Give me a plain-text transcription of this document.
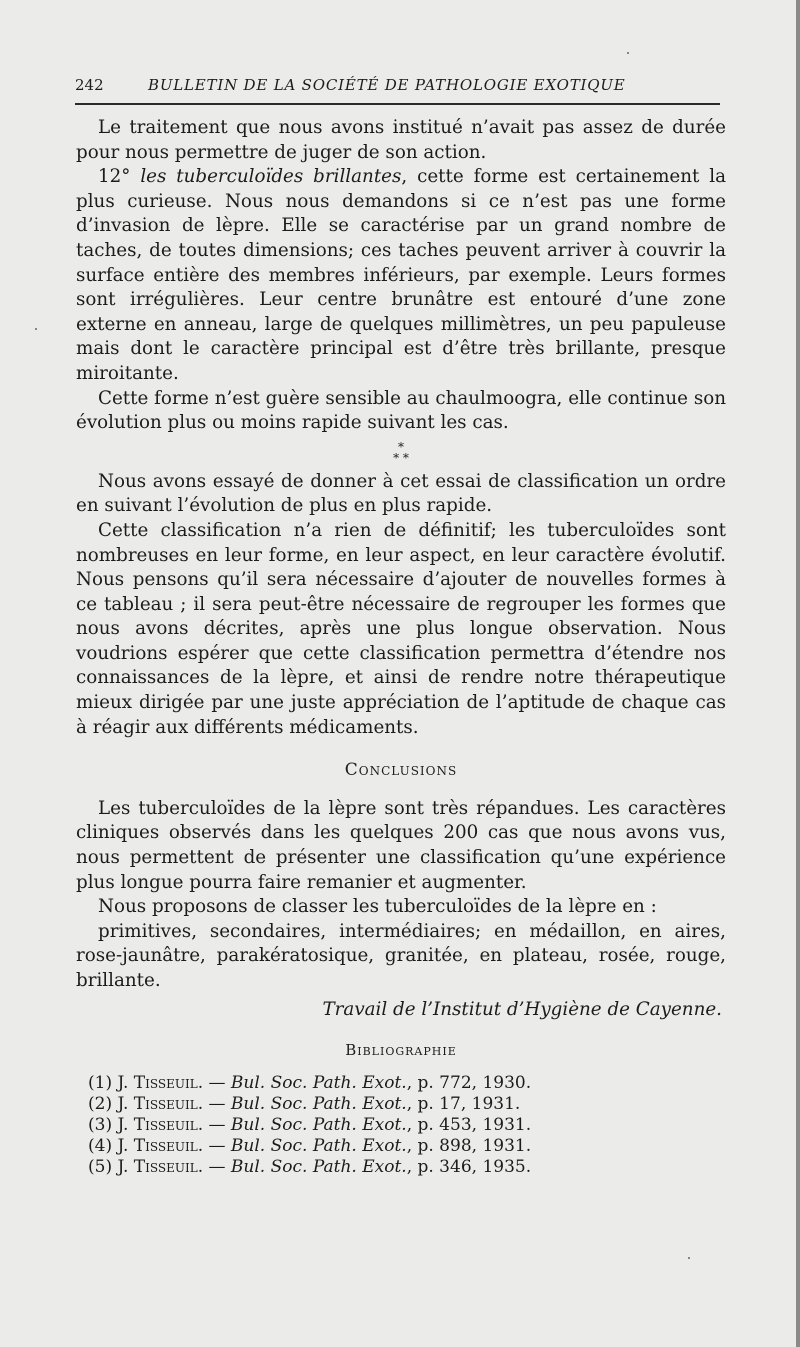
242	BULLETIN DE LA SOCIÉTÉ DE PATHOLOGIE EXOTIQUE

Le traitement que nous avons institué n’avait pas assez de durée pour nous permettre de juger de son action.

12° les tuberculoïdes brillantes, cette forme est certainement la plus curieuse. Nous nous demandons si ce n’est pas une forme d’invasion de lèpre. Elle se caractérise par un grand nombre de taches, de toutes dimensions; ces taches peuvent arriver à couvrir la surface entière des membres inférieurs, par exemple. Leurs formes sont irrégulières. Leur centre brunâtre est entouré d’une zone externe en anneau, large de quelques millimètres, un peu papuleuse mais dont le caractère principal est d’être très brillante, presque miroitante.

Cette forme n’est guère sensible au chaulmoogra, elle continue son évolution plus ou moins rapide suivant les cas.

*
* *

Nous avons essayé de donner à cet essai de classification un ordre en suivant l’évolution de plus en plus rapide.

Cette classification n’a rien de définitif; les tuberculoïdes sont nombreuses en leur forme, en leur aspect, en leur caractère évolutif. Nous pensons qu’il sera nécessaire d’ajouter de nouvelles formes à ce tableau ; il sera peut-être nécessaire de regrouper les formes que nous avons décrites, après une plus longue observation. Nous voudrions espérer que cette classification permettra d’étendre nos connaissances de la lèpre, et ainsi de rendre notre thérapeutique mieux dirigée par une juste appréciation de l’aptitude de chaque cas à réagir aux différents médicaments.

Conclusions

Les tuberculoïdes de la lèpre sont très répandues. Les caractères cliniques observés dans les quelques 200 cas que nous avons vus, nous permettent de présenter une classification qu’une expérience plus longue pourra faire remanier et augmenter.

Nous proposons de classer les tuberculoïdes de la lèpre en :

primitives, secondaires, intermédiaires; en médaillon, en aires, rose-jaunâtre, parakératosique, granitée, en plateau, rosée, rouge, brillante.

Travail de l’Institut d’Hygiène de Cayenne.
Bibliographie
(1) J. Tisseuil. — Bul. Soc. Path. Exot., p. 772, 1930.
(2) J. Tisseuil. — Bul. Soc. Path. Exot., p. 17, 1931.
(3) J. Tisseuil. — Bul. Soc. Path. Exot., p. 453, 1931.
(4) J. Tisseuil. — Bul. Soc. Path. Exot., p. 898, 1931.
(5) J. Tisseuil. — Bul. Soc. Path. Exot., p. 346, 1935.
